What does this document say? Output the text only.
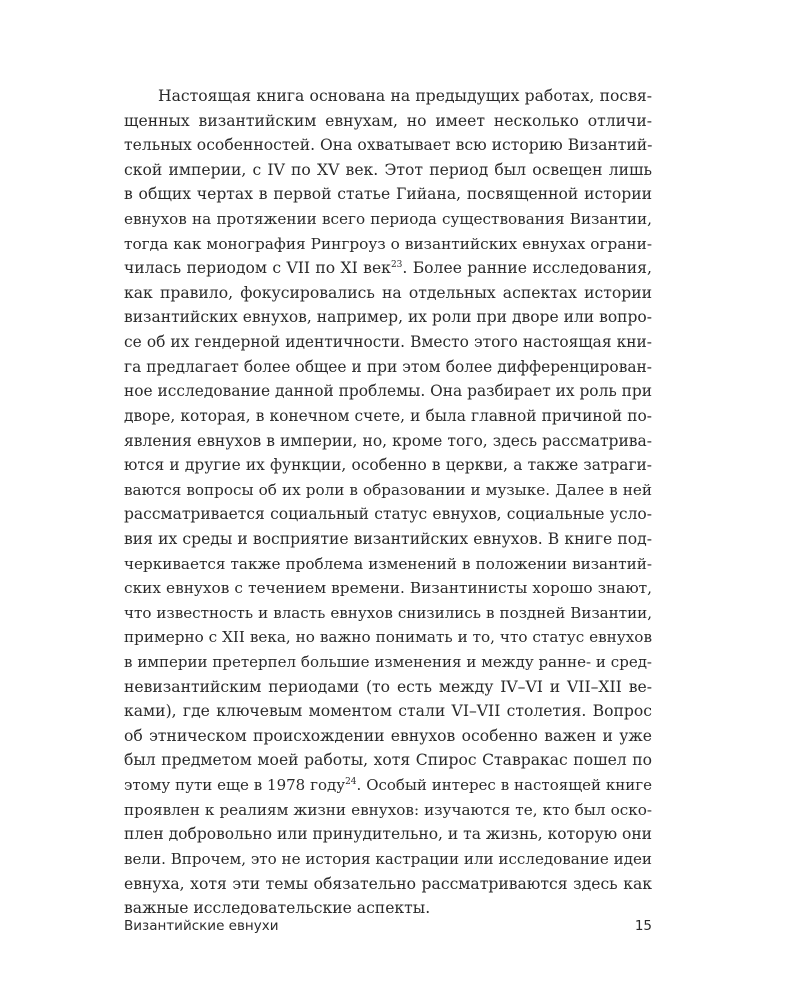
Настоящая книга основана на предыдущих работах, посвя-
щенных византийским евнухам, но имеет несколько отличи-
тельных особенностей. Она охватывает всю историю Византий-
ской империи, с IV по XV век. Этот период был освещен лишь
в общих чертах в первой статье Гийана, посвященной истории
евнухов на протяжении всего периода существования Византии,
тогда как монография Рингроуз о византийских евнухах ограни-
чилась периодом с VII по XI век$^{23}$. Более ранние исследования,
как правило, фокусировались на отдельных аспектах истории
византийских евнухов, например, их роли при дворе или вопро-
се об их гендерной идентичности. Вместо этого настоящая кни-
га предлагает более общее и при этом более дифференцирован-
ное исследование данной проблемы. Она разбирает их роль при
дворе, которая, в конечном счете, и была главной причиной по-
явления евнухов в империи, но, кроме того, здесь рассматрива-
ются и другие их функции, особенно в церкви, а также затраги-
ваются вопросы об их роли в образовании и музыке. Далее в ней
рассматривается социальный статус евнухов, социальные усло-
вия их среды и восприятие византийских евнухов. В книге под-
черкивается также проблема изменений в положении византий-
ских евнухов с течением времени. Византинисты хорошо знают,
что известность и власть евнухов снизились в поздней Византии,
примерно с XII века, но важно понимать и то, что статус евнухов
в империи претерпел большие изменения и между ранне- и сред-
невизантийским периодами (то есть между IV–VI и VII–XII ве-
ками), где ключевым моментом стали VI–VII столетия. Вопрос
об этническом происхождении евнухов особенно важен и уже
был предметом моей работы, хотя Спирос Ставракас пошел по
этому пути еще в 1978 году$^{24}$. Особый интерес в настоящей книге
проявлен к реалиям жизни евнухов: изучаются те, кто был оско-
плен добровольно или принудительно, и та жизнь, которую они
вели. Впрочем, это не история кастрации или исследование идеи
евнуха, хотя эти темы обязательно рассматриваются здесь как
важные исследовательские аспекты.
Византийские евнухи	15
